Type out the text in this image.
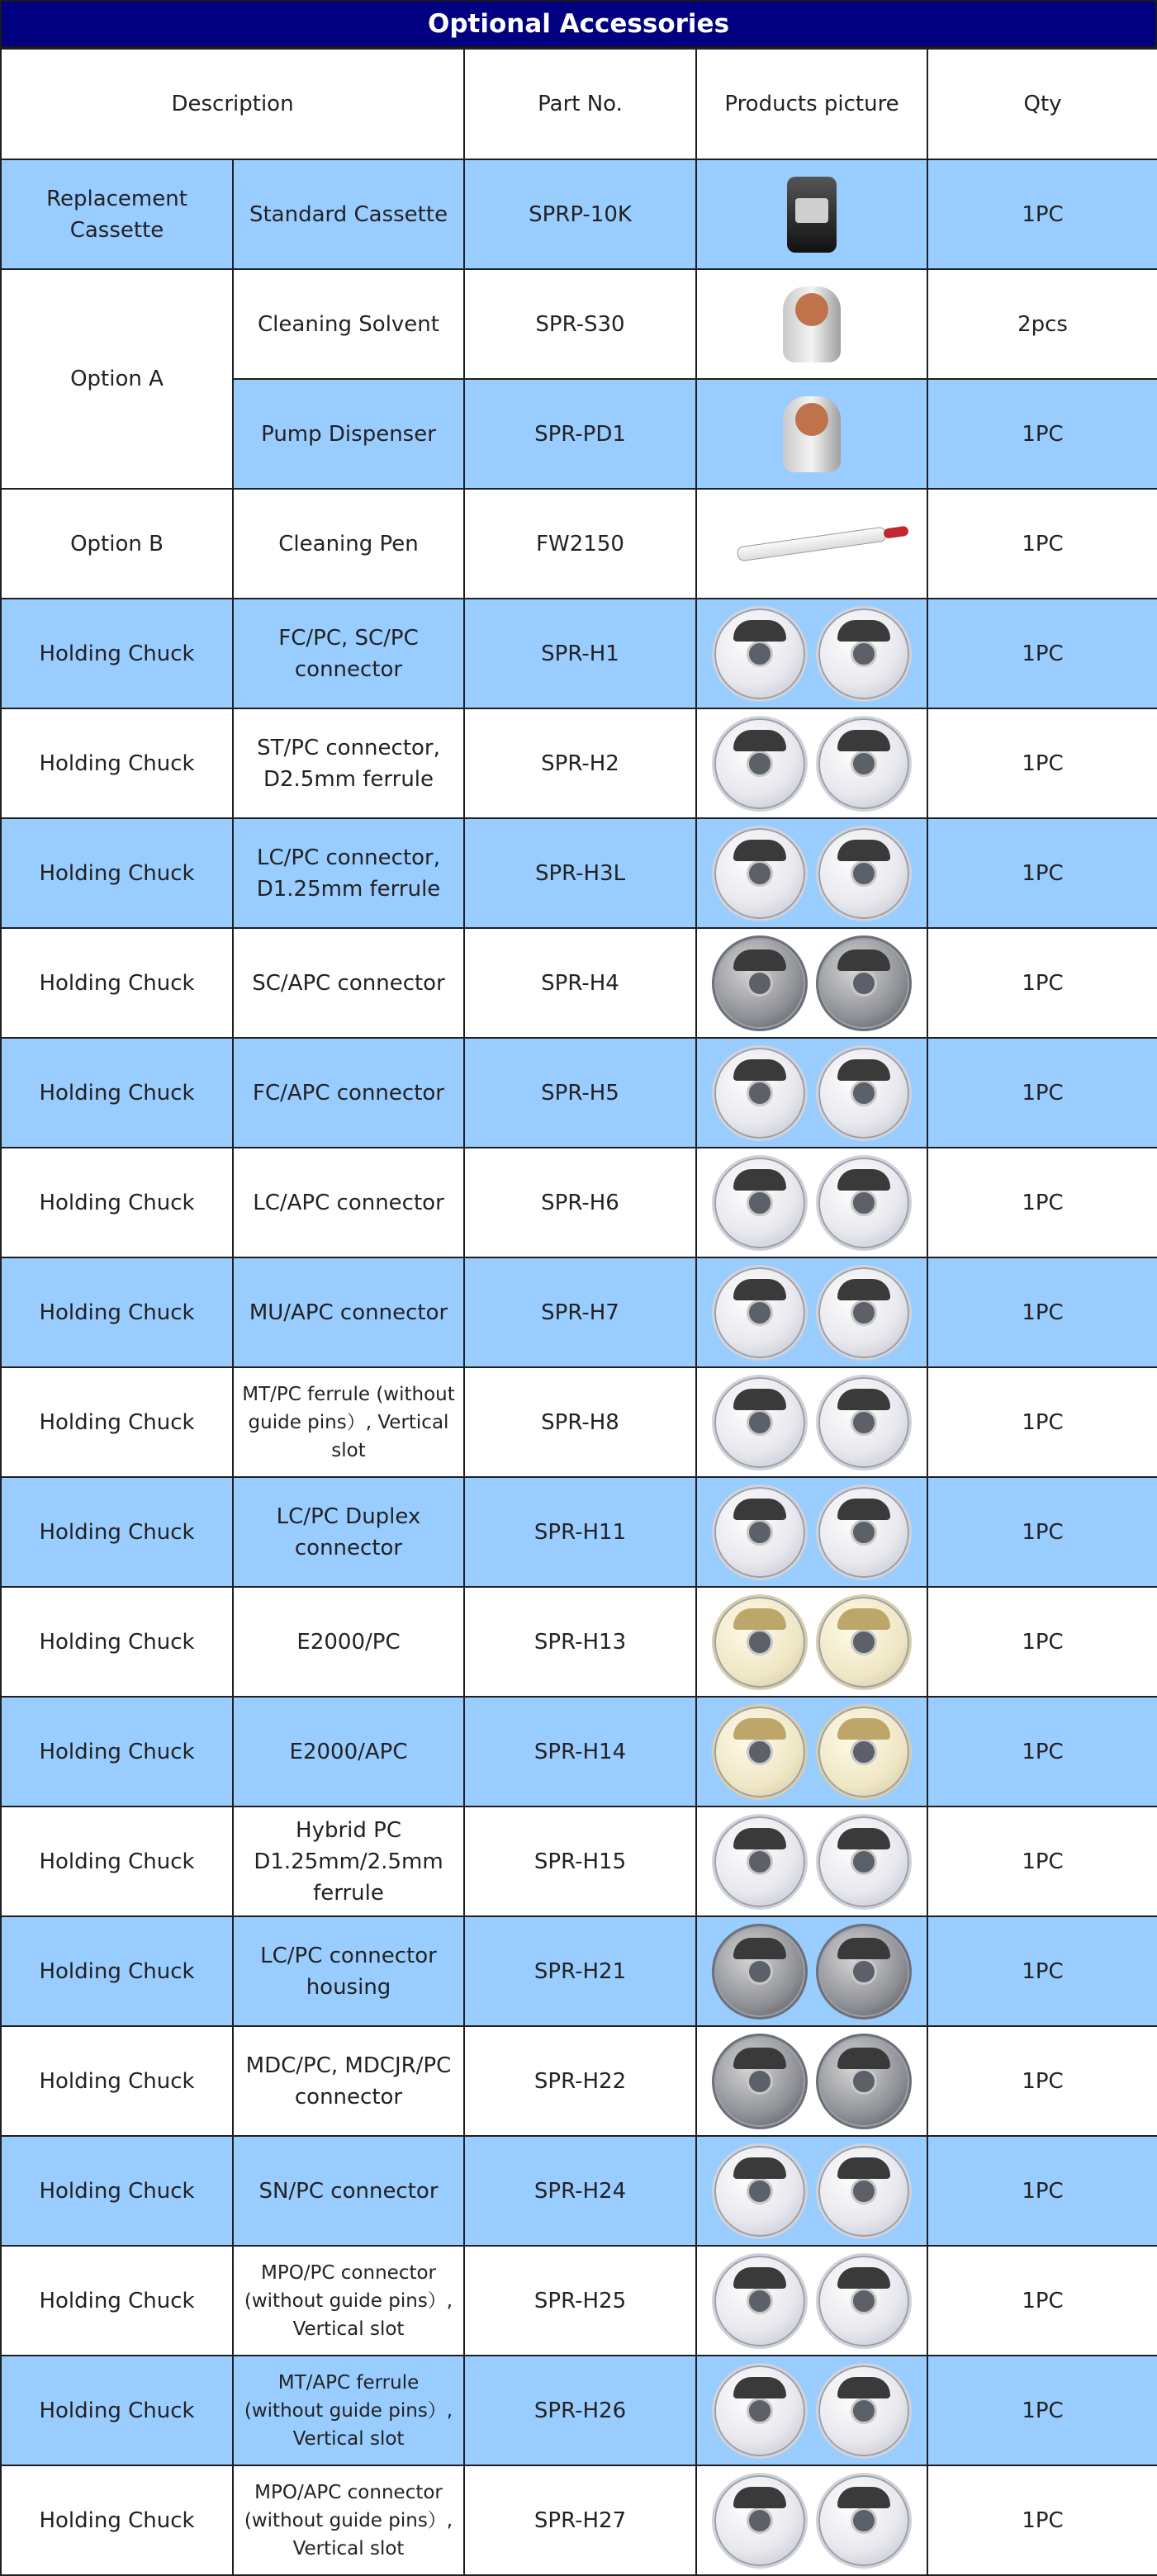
Optional Accessories
Description		Part No.	Products picture	Qty
Replacement Cassette	Standard Cassette	SPRP-10K		1PC
Option A	Cleaning Solvent	SPR-S30		2pcs
	Pump Dispenser	SPR-PD1		1PC
Option B	Cleaning Pen	FW2150		1PC
Holding Chuck	FC/PC, SC/PC connector	SPR-H1		1PC
Holding Chuck	ST/PC connector, D2.5mm ferrule	SPR-H2		1PC
Holding Chuck	LC/PC connector, D1.25mm ferrule	SPR-H3L		1PC
Holding Chuck	SC/APC connector	SPR-H4		1PC
Holding Chuck	FC/APC connector	SPR-H5		1PC
Holding Chuck	LC/APC connector	SPR-H6		1PC
Holding Chuck	MU/APC connector	SPR-H7		1PC
Holding Chuck	MT/PC ferrule (without guide pins）, Vertical slot	SPR-H8		1PC
Holding Chuck	LC/PC Duplex connector	SPR-H11		1PC
Holding Chuck	E2000/PC	SPR-H13		1PC
Holding Chuck	E2000/APC	SPR-H14		1PC
Holding Chuck	Hybrid PC D1.25mm/2.5mm ferrule	SPR-H15		1PC
Holding Chuck	LC/PC connector housing	SPR-H21		1PC
Holding Chuck	MDC/PC, MDCJR/PC connector	SPR-H22		1PC
Holding Chuck	SN/PC connector	SPR-H24		1PC
Holding Chuck	MPO/PC connector (without guide pins）, Vertical slot	SPR-H25		1PC
Holding Chuck	MT/APC ferrule (without guide pins）, Vertical slot	SPR-H26		1PC
Holding Chuck	MPO/APC connector (without guide pins）, Vertical slot	SPR-H27		1PC
